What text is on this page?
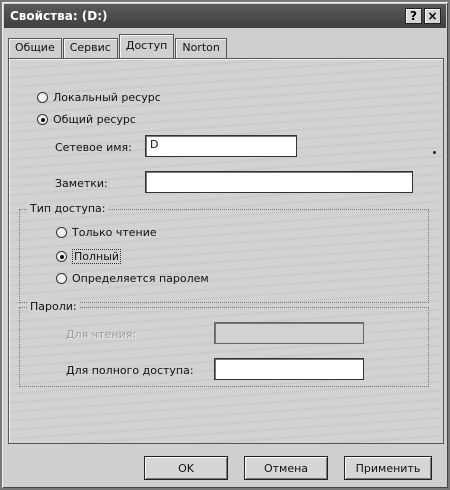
Свойства: (D:)	? ×
Общие	Сервис	Доступ	Norton
Локальный ресурс
Общий ресурс
Сетевое имя:	D
Заметки:
Тип доступа:
Только чтение
Полный
Определяется паролем
Пароли:
Для чтения:
Для полного доступа:
OK	Отмена	Применить
